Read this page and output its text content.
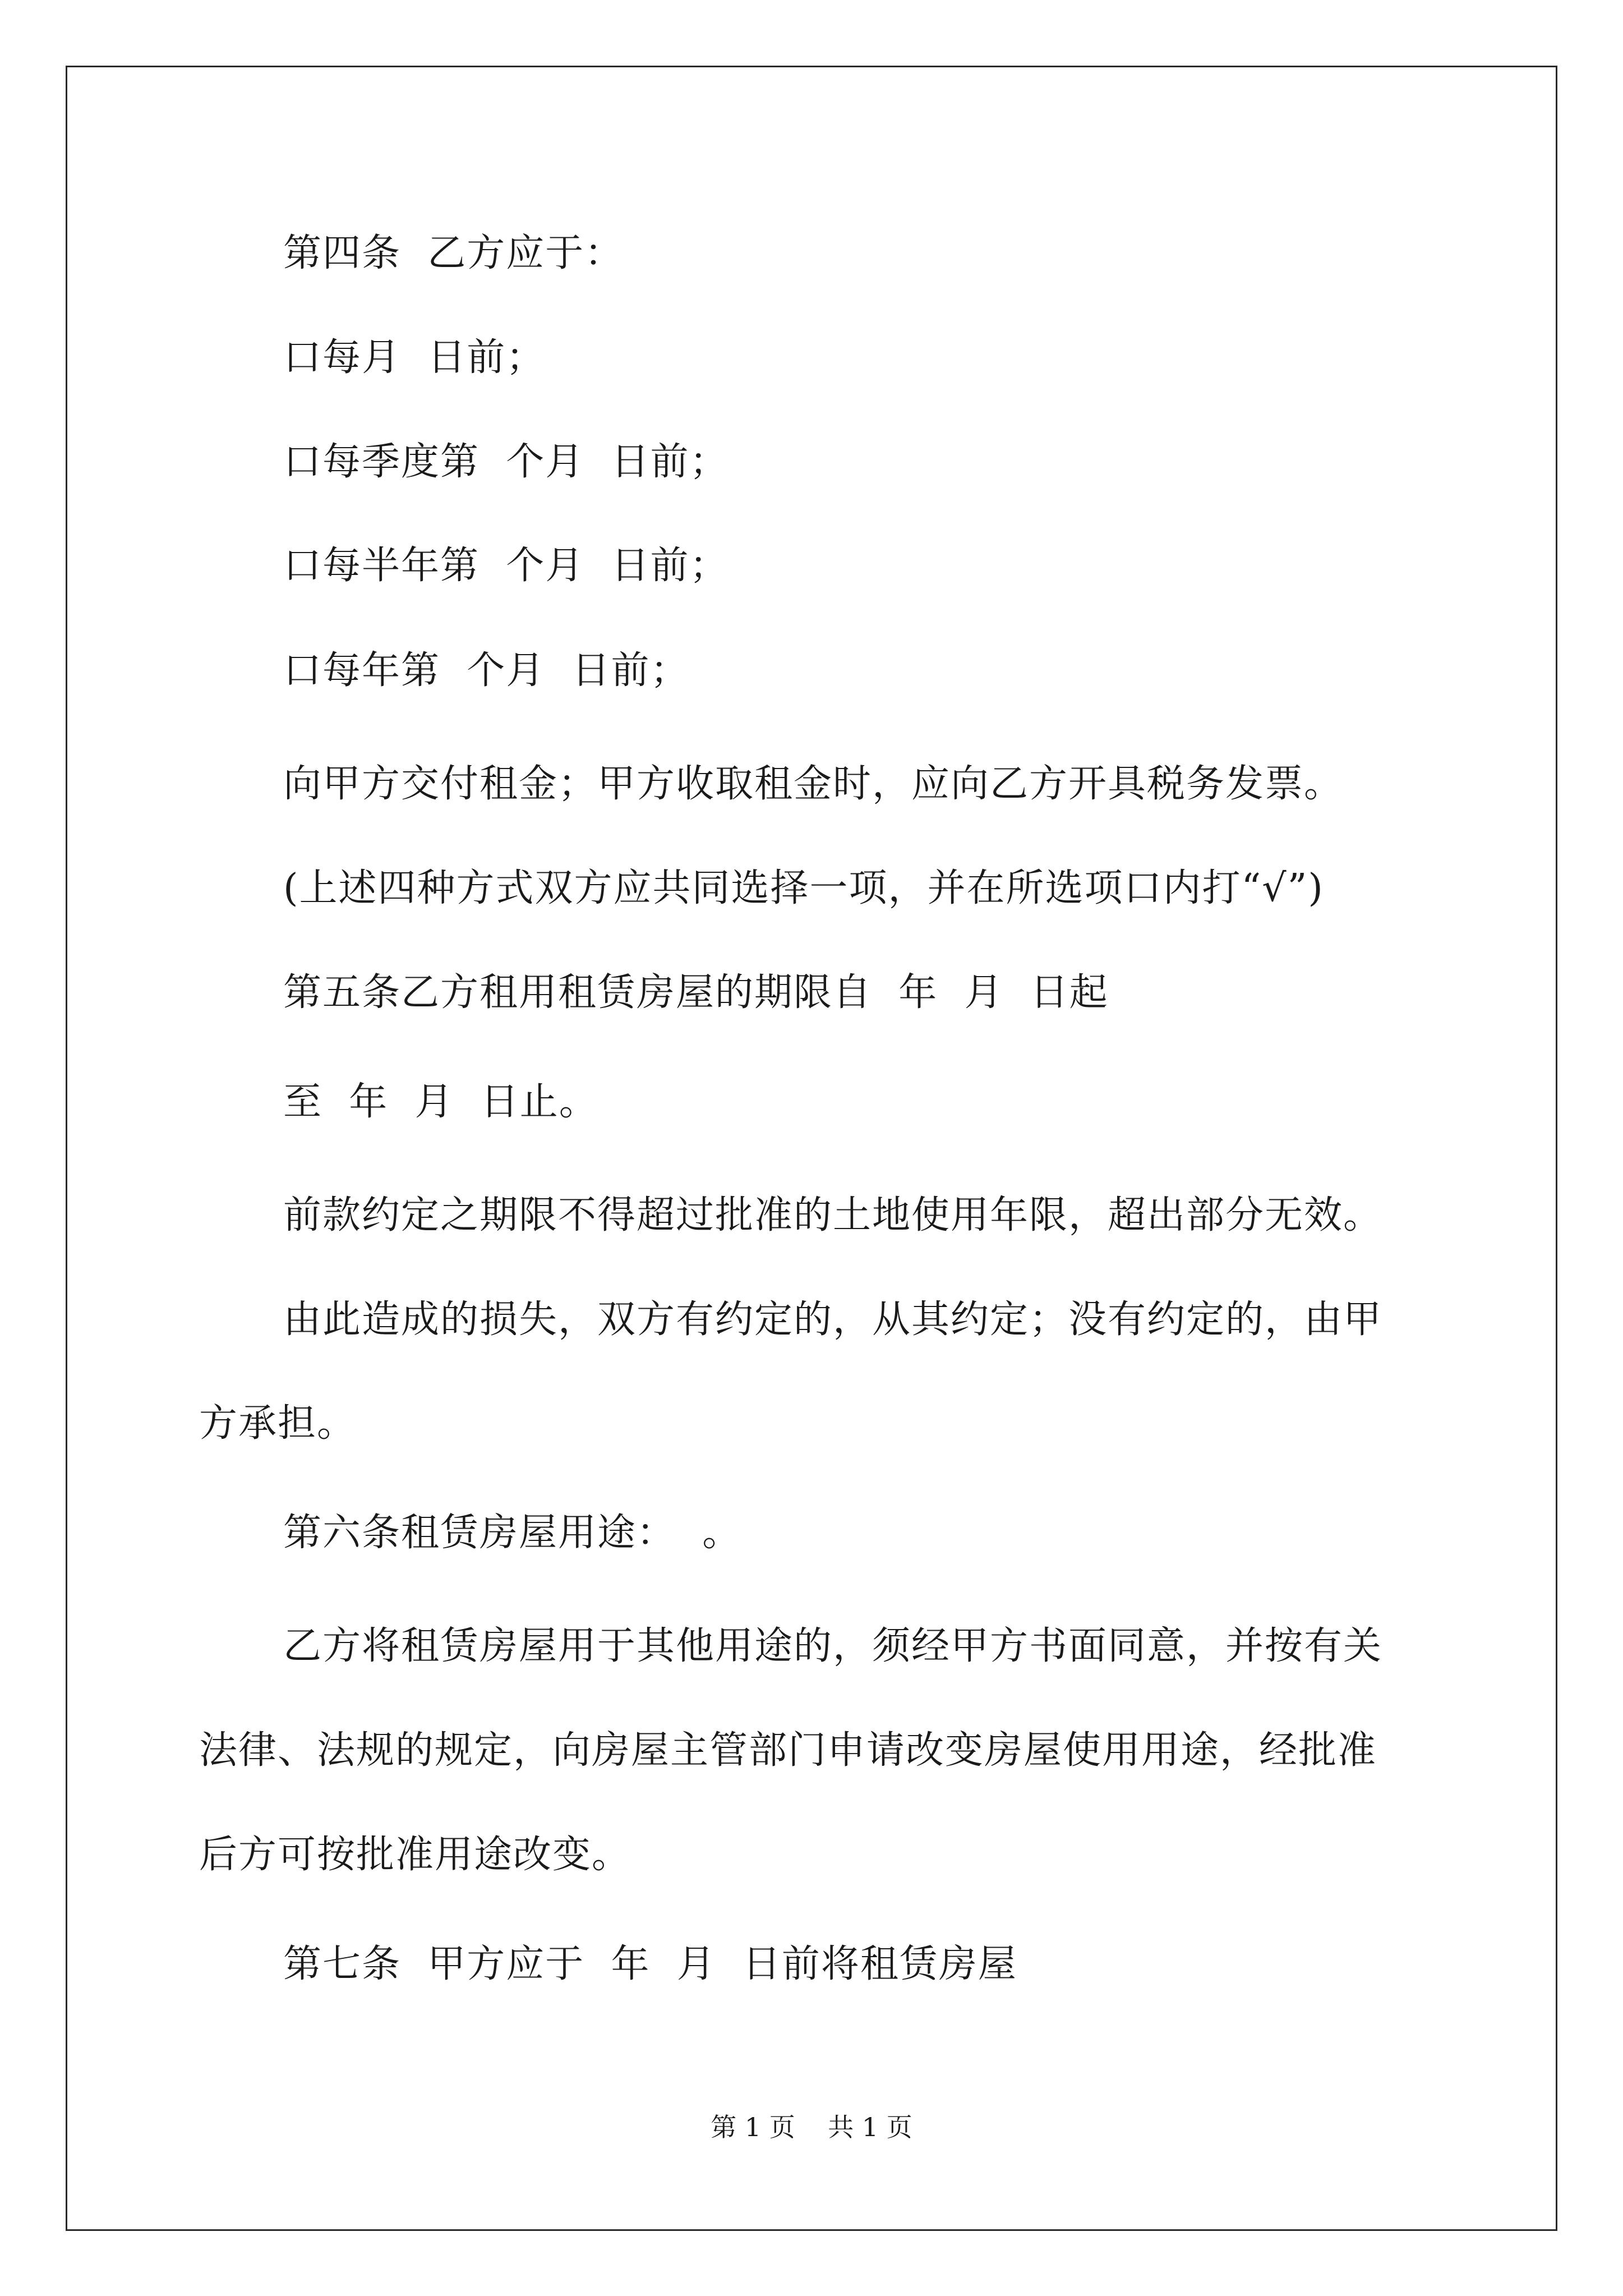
第四条  乙方应于：
口每月  日前；
口每季度第  个月  日前；
口每半年第  个月  日前；
口每年第  个月  日前；
向甲方交付租金；甲方收取租金时，应向乙方开具税务发票。
(上述四种方式双方应共同选择一项，并在所选项口内打“√”)
第五条乙方租用租赁房屋的期限自  年  月  日起
至  年  月  日止。
前款约定之期限不得超过批准的土地使用年限，超出部分无效。
由此造成的损失，双方有约定的，从其约定；没有约定的，由甲
方承担。
第六条租赁房屋用途：  。
乙方将租赁房屋用于其他用途的，须经甲方书面同意，并按有关
法律、法规的规定，向房屋主管部门申请改变房屋使用用途，经批准
后方可按批准用途改变。
第七条  甲方应于  年  月  日前将租赁房屋
第 1 页    共 1 页
